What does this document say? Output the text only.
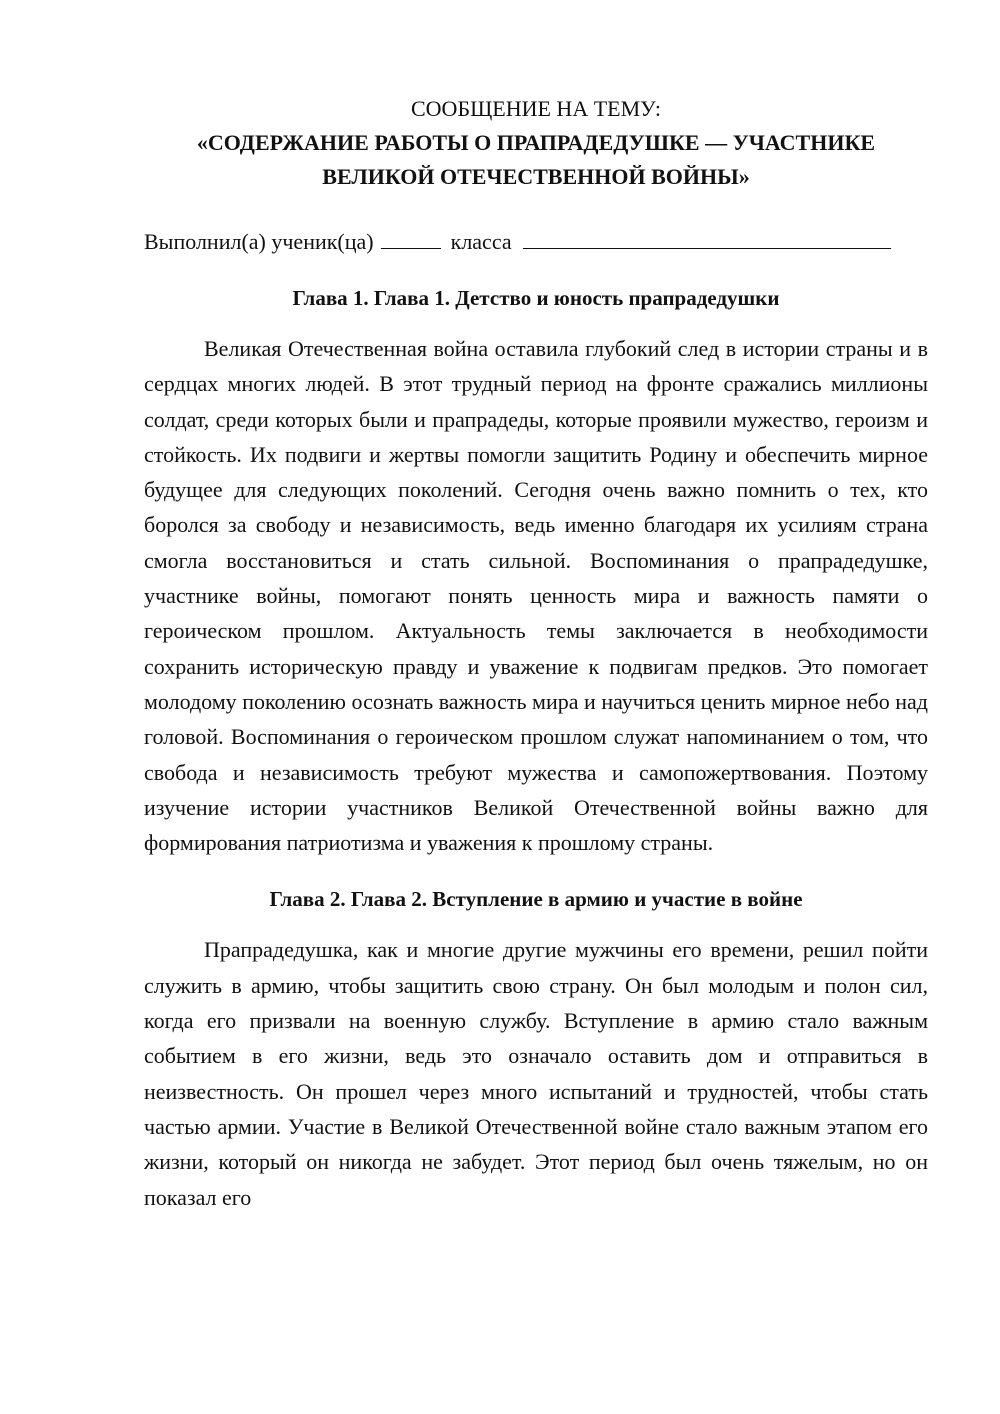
СООБЩЕНИЕ НА ТЕМУ:

«СОДЕРЖАНИЕ РАБОТЫ О ПРАПРАДЕДУШКЕ — УЧАСТНИКЕ
ВЕЛИКОЙ ОТЕЧЕСТВЕННОЙ ВОЙНЫ»
Выполнил(а) ученик(ца)	класса
Глава 1. Глава 1. Детство и юность прапрадедушки

Великая Отечественная война оставила глубокий след в истории страны и в сердцах многих людей. В этот трудный период на фронте сражались миллионы солдат, среди которых были и прапрадеды, которые проявили мужество, героизм и стойкость. Их подвиги и жертвы помогли защитить Родину и обеспечить мирное будущее для следующих поколений. Сегодня очень важно помнить о тех, кто боролся за свободу и независимость, ведь именно благодаря их усилиям страна смогла восстановиться и стать сильной. Воспоминания о прапрадедушке, участнике войны, помогают понять ценность мира и важность памяти о героическом прошлом. Актуальность темы заключается в необходимости сохранить историческую правду и уважение к подвигам предков. Это помогает молодому поколению осознать важность мира и научиться ценить мирное небо над головой. Воспоминания о героическом прошлом служат напоминанием о том, что свобода и независимость требуют мужества и самопожертвования. Поэтому изучение истории участников Великой Отечественной войны важно для формирования патриотизма и уважения к прошлому страны.

Глава 2. Глава 2. Вступление в армию и участие в войне

Прапрадедушка, как и многие другие мужчины его времени, решил пойти служить в армию, чтобы защитить свою страну. Он был молодым и полон сил, когда его призвали на военную службу. Вступление в армию стало важным событием в его жизни, ведь это означало оставить дом и отправиться в неизвестность. Он прошел через много испытаний и трудностей, чтобы стать частью армии. Участие в Великой Отечественной войне стало важным этапом его жизни, который он никогда не забудет. Этот период был очень тяжелым, но он показал его
